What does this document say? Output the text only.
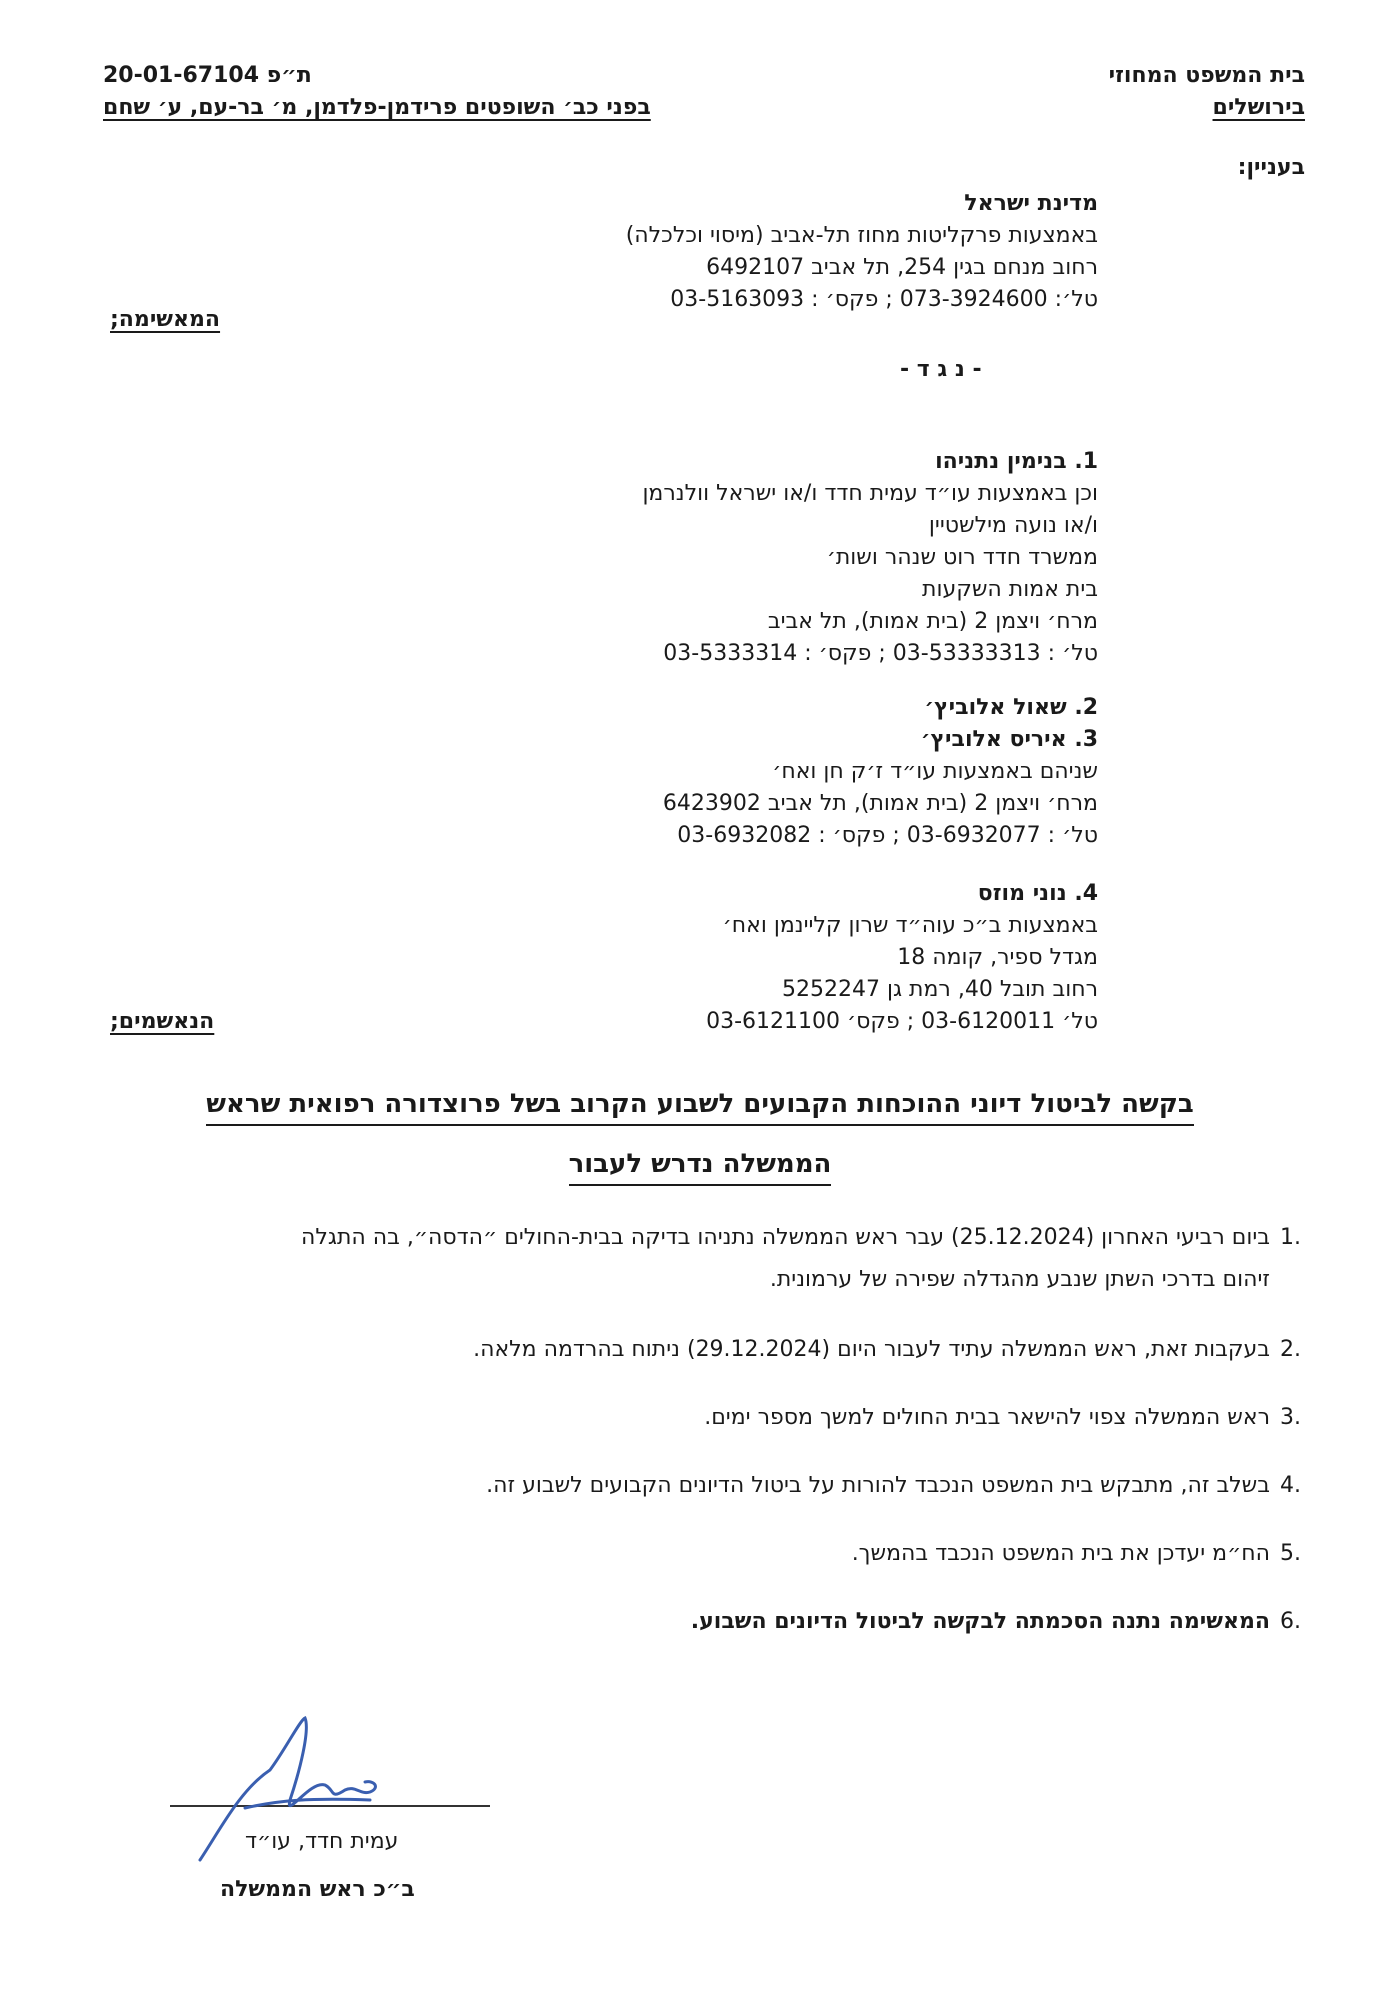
בית המשפט המחוזי
בירושלים
ת״פ 20-01-67104
בפני כב׳ השופטים פרידמן-פלדמן, מ׳ בר-עם, ע׳ שחם
בעניין:
מדינת ישראל
באמצעות פרקליטות מחוז תל-אביב (מיסוי וכלכלה)
רחוב מנחם בגין 254, תל אביב 6492107
טל׳: 073-3924600 ; פקס׳ : 03-5163093
המאשימה;
- נ ג ד -
1. בנימין נתניהו
וכן באמצעות עו״ד עמית חדד ו/או ישראל וולנרמן
ו/או נועה מילשטיין
ממשרד חדד רוט שנהר ושות׳
בית אמות השקעות
מרח׳ ויצמן 2 (בית אמות), תל אביב
טל׳ : 03-53333313 ; פקס׳ : 03-5333314
2. שאול אלוביץ׳
3. איריס אלוביץ׳
שניהם באמצעות עו״ד ז׳ק חן ואח׳
מרח׳ ויצמן 2 (בית אמות), תל אביב 6423902
טל׳ : 03-6932077 ; פקס׳ : 03-6932082
4. נוני מוזס
באמצעות ב״כ עוה״ד שרון קליינמן ואח׳
מגדל ספיר, קומה 18
רחוב תובל 40, רמת גן 5252247
טל׳ 03-6120011 ; פקס׳ 03-6121100
הנאשמים;
בקשה לביטול דיוני ההוכחות הקבועים לשבוע הקרוב בשל פרוצדורה רפואית שראש
הממשלה נדרש לעבור
1.
ביום רביעי האחרון (25.12.2024) עבר ראש הממשלה נתניהו בדיקה בבית-החולים ״הדסה״, בה התגלה
זיהום בדרכי השתן שנבע מהגדלה שפירה של ערמונית.
2.
בעקבות זאת, ראש הממשלה עתיד לעבור היום (29.12.2024) ניתוח בהרדמה מלאה.
3.
ראש הממשלה צפוי להישאר בבית החולים למשך מספר ימים.
4.
בשלב זה, מתבקש בית המשפט הנכבד להורות על ביטול הדיונים הקבועים לשבוע זה.
5.
הח״מ יעדכן את בית המשפט הנכבד בהמשך.
6.
המאשימה נתנה הסכמתה לבקשה לביטול הדיונים השבוע.
עמית חדד, עו״ד
ב״כ ראש הממשלה
